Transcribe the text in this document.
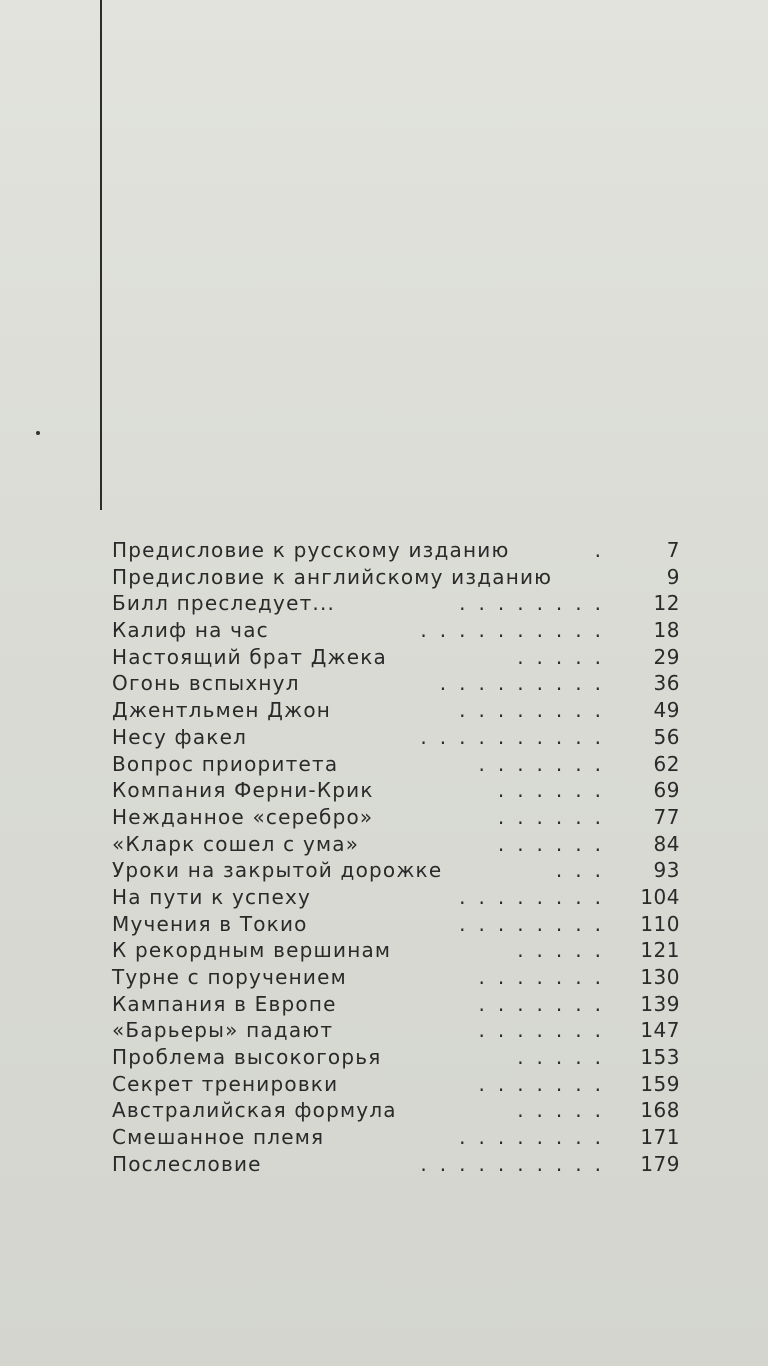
Предисловие к русскому изданию	.	7
Предисловие к английскому изданию	9
Билл преследует...	........	12
Калиф на час	..........	18
Настоящий брат Джека	.....	29
Огонь вспыхнул	.........	36
Джентльмен Джон	........	49
Несу факел	..........	56
Вопрос приоритета	.......	62
Компания Ферни-Крик	......	69
Нежданное «серебро»	......	77
«Кларк сошел с ума»	......	84
Уроки на закрытой дорожке	...	93
На пути к успеху	........	104
Мучения в Токио	........	110
К рекордным вершинам	.....	121
Турне с поручением	.......	130
Кампания в Европе	.......	139
«Барьеры» падают	.......	147
Проблема высокогорья	.....	153
Секрет тренировки	.......	159
Австралийская формула	.....	168
Смешанное племя	........	171
Послесловие	..........	179
